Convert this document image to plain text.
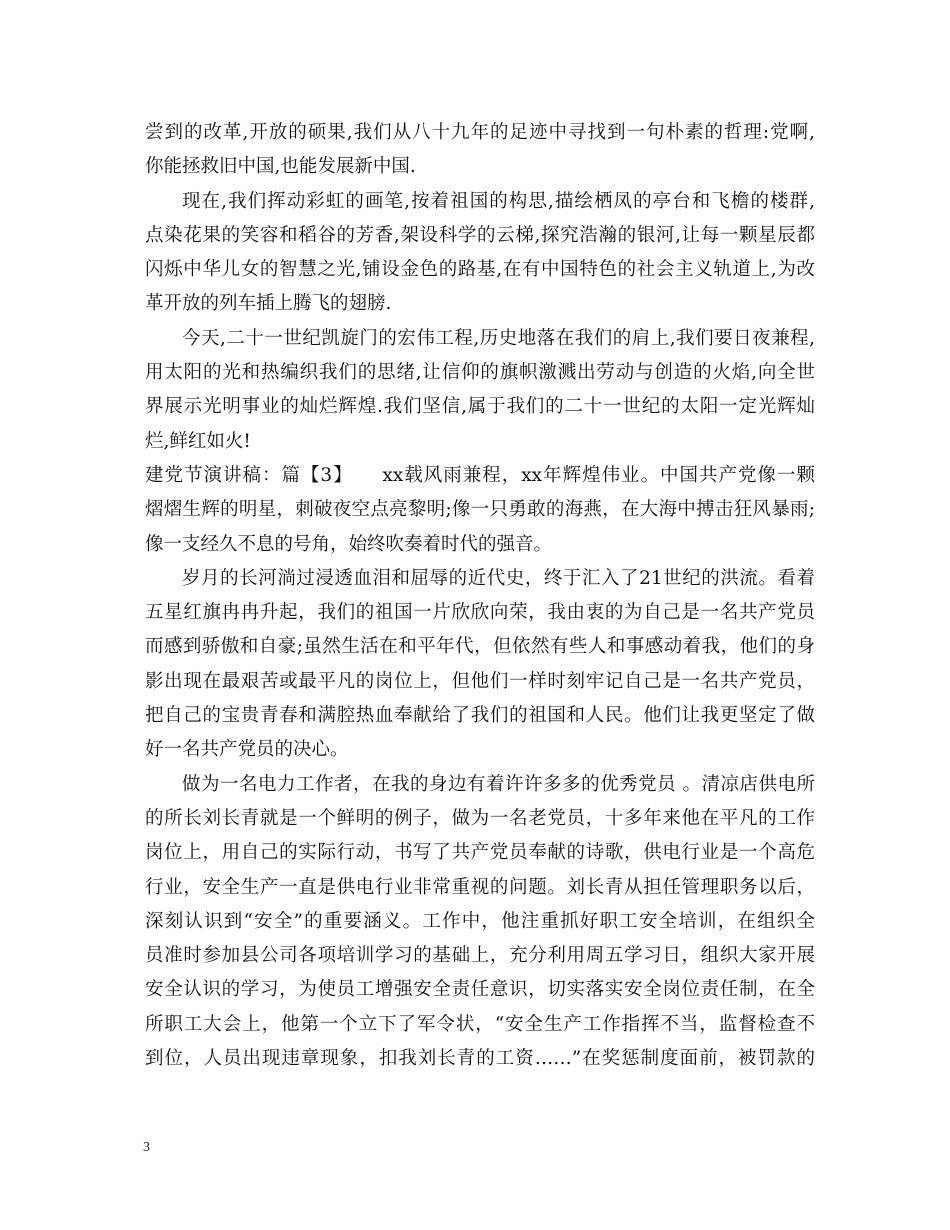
尝到的改革,开放的硕果,我们从八十九年的足迹中寻找到一句朴素的哲理:党啊,
你能拯救旧中国,也能发展新中国.
现在,我们挥动彩虹的画笔,按着祖国的构思,描绘栖凤的亭台和飞檐的楼群,
点染花果的笑容和稻谷的芳香,架设科学的云梯,探究浩瀚的银河,让每一颗星辰都
闪烁中华儿女的智慧之光,铺设金色的路基,在有中国特色的社会主义轨道上,为改
革开放的列车插上腾飞的翅膀.
今天,二十一世纪凯旋门的宏伟工程,历史地落在我们的肩上,我们要日夜兼程,
用太阳的光和热编织我们的思绪,让信仰的旗帜激溅出劳动与创造的火焰,向全世
界展示光明事业的灿烂辉煌.我们坚信,属于我们的二十一世纪的太阳一定光辉灿
烂,鲜红如火!
建党节演讲稿：篇【3】　　xx载风雨兼程，xx年辉煌伟业。中国共产党像一颗
熠熠生辉的明星，刺破夜空点亮黎明;像一只勇敢的海燕，在大海中搏击狂风暴雨;
像一支经久不息的号角，始终吹奏着时代的强音。
岁月的长河淌过浸透血泪和屈辱的近代史，终于汇入了21世纪的洪流。看着
五星红旗冉冉升起，我们的祖国一片欣欣向荣，我由衷的为自己是一名共产党员
而感到骄傲和自豪;虽然生活在和平年代，但依然有些人和事感动着我，他们的身
影出现在最艰苦或最平凡的岗位上，但他们一样时刻牢记自己是一名共产党员，
把自己的宝贵青春和满腔热血奉献给了我们的祖国和人民。他们让我更坚定了做
好一名共产党员的决心。
做为一名电力工作者，在我的身边有着许许多多的优秀党员 。清凉店供电所
的所长刘长青就是一个鲜明的例子，做为一名老党员，十多年来他在平凡的工作
岗位上，用自己的实际行动，书写了共产党员奉献的诗歌，供电行业是一个高危
行业，安全生产一直是供电行业非常重视的问题。刘长青从担任管理职务以后，
深刻认识到“安全”的重要涵义。工作中，他注重抓好职工安全培训，在组织全
员准时参加县公司各项培训学习的基础上，充分利用周五学习日，组织大家开展
安全认识的学习，为使员工增强安全责任意识，切实落实安全岗位责任制，在全
所职工大会上，他第一个立下了军令状，“安全生产工作指挥不当，监督检查不
到位，人员出现违章现象，扣我刘长青的工资……”在奖惩制度面前，被罚款的
3
